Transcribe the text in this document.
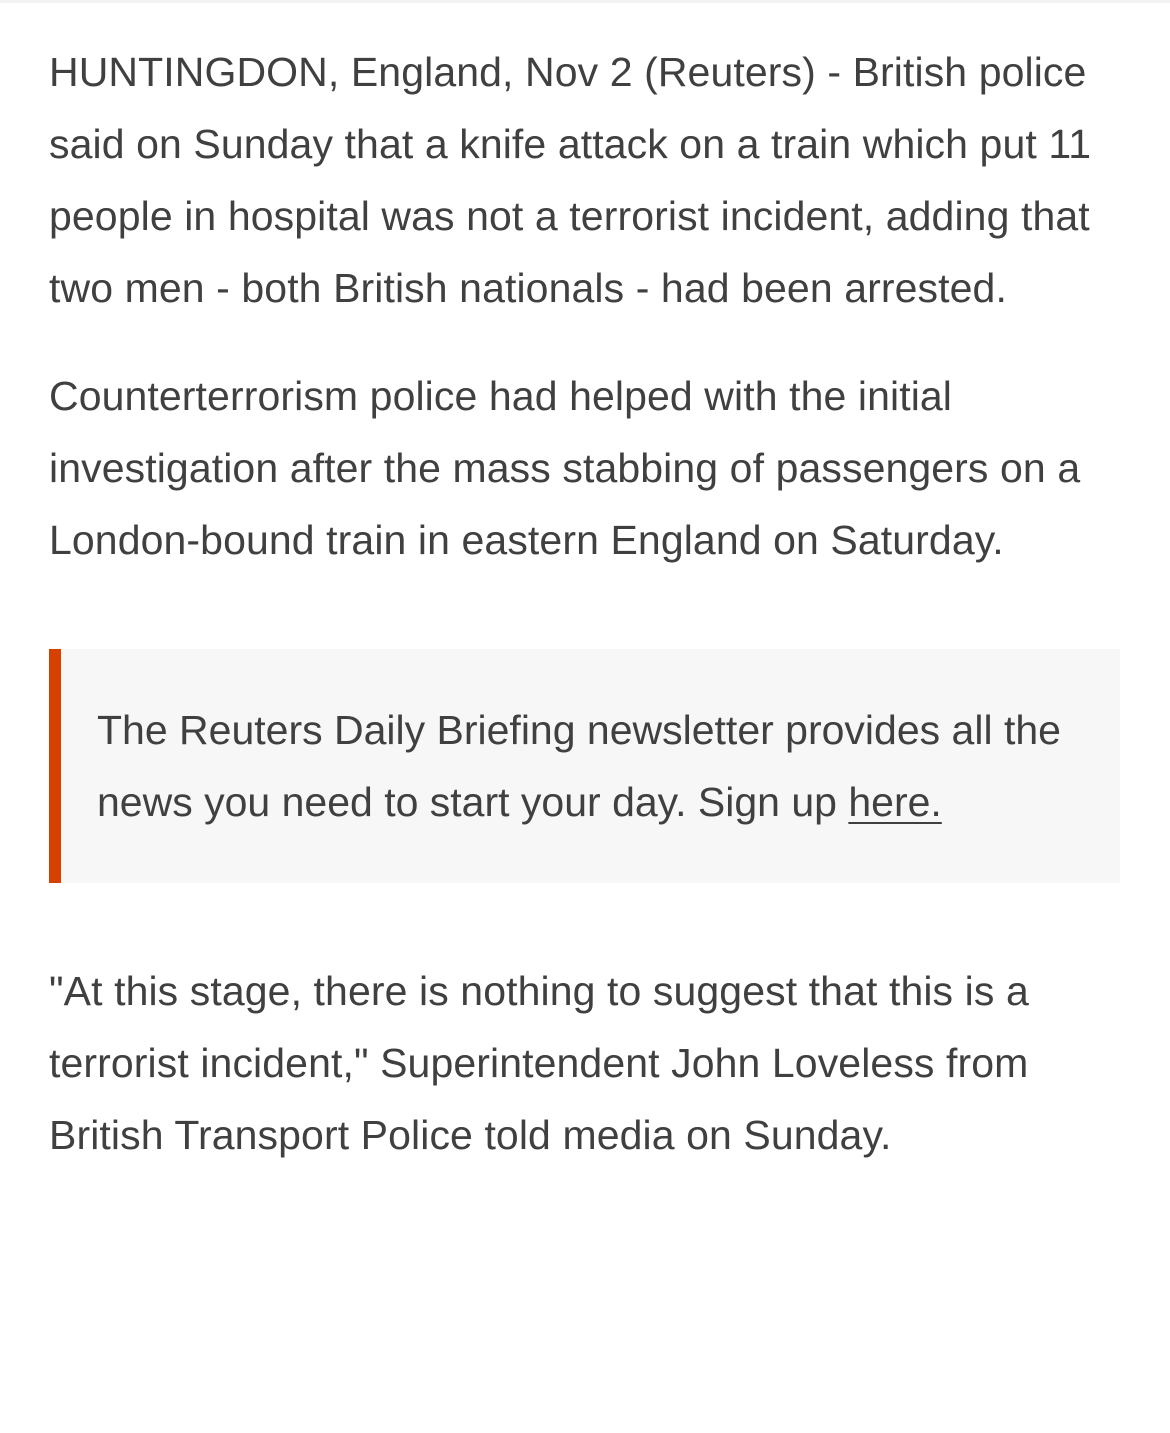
HUNTINGDON, England, Nov 2 (Reuters) - British police said on Sunday that a knife attack on a train which put 11 people in hospital was not a terrorist incident, adding that two men - both British nationals - had been arrested.

Counterterrorism police had helped with the initial investigation after the mass stabbing of passengers on a London-bound train in eastern England on Saturday.

The Reuters Daily Briefing newsletter provides all the news you need to start your day. Sign up here.

"At this stage, there is nothing to suggest that this is a terrorist incident," Superintendent John Loveless from British Transport Police told media on Sunday.
